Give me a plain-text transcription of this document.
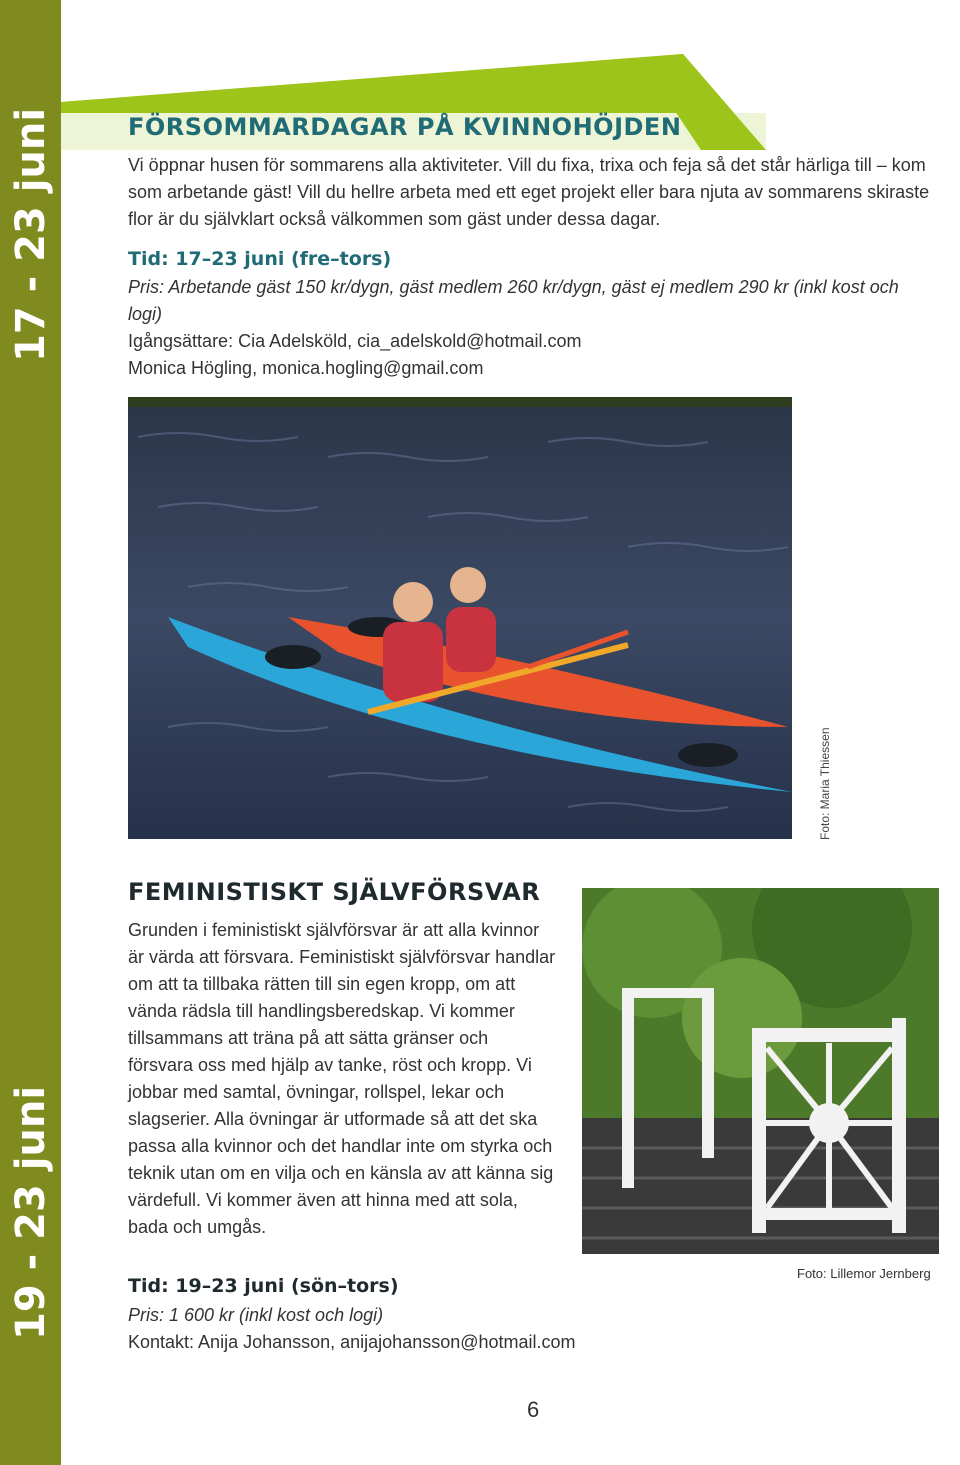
17 - 23 juni
19 - 23 juni
FÖRSOMMARDAGAR PÅ KVINNOHÖJDEN

Vi öppnar husen för sommarens alla aktiviteter. Vill du fixa, trixa och feja så det står härliga till – kom som arbetande gäst! Vill du hellre arbeta med ett eget projekt eller bara njuta av sommarens skiraste flor är du självklart också välkommen som gäst under dessa dagar.

Tid: 17–23 juni (fre–tors)

Pris: Arbetande gäst 150 kr/dygn, gäst medlem 260 kr/dygn, gäst ej medlem 290 kr (inkl kost och logi)

Igångsättare: Cia Adelsköld, cia_adelskold@hotmail.com

Monica Högling, monica.hogling@gmail.com

Foto: Maria Thiessen
FEMINISTISKT SJÄLVFÖRSVAR

Grunden i feministiskt självförsvar är att alla kvinnor är värda att försvara. Feministiskt självförsvar handlar om att ta tillbaka rätten till sin egen kropp, om att vända rädsla till handlingsberedskap. Vi kommer tillsammans att träna på att sätta gränser och försvara oss med hjälp av tanke, röst och kropp. Vi jobbar med samtal, övningar, rollspel, lekar och slagserier. Alla övningar är utformade så att det ska passa alla kvinnor och det handlar inte om styrka och teknik utan om en vilja och en känsla av att känna sig värdefull. Vi kommer även att hinna med att sola, bada och umgås.

Tid: 19–23 juni (sön–tors)

Pris: 1 600 kr (inkl kost och logi)

Kontakt: Anija Johansson, anijajohansson@hotmail.com

Foto: Lillemor Jernberg
6
